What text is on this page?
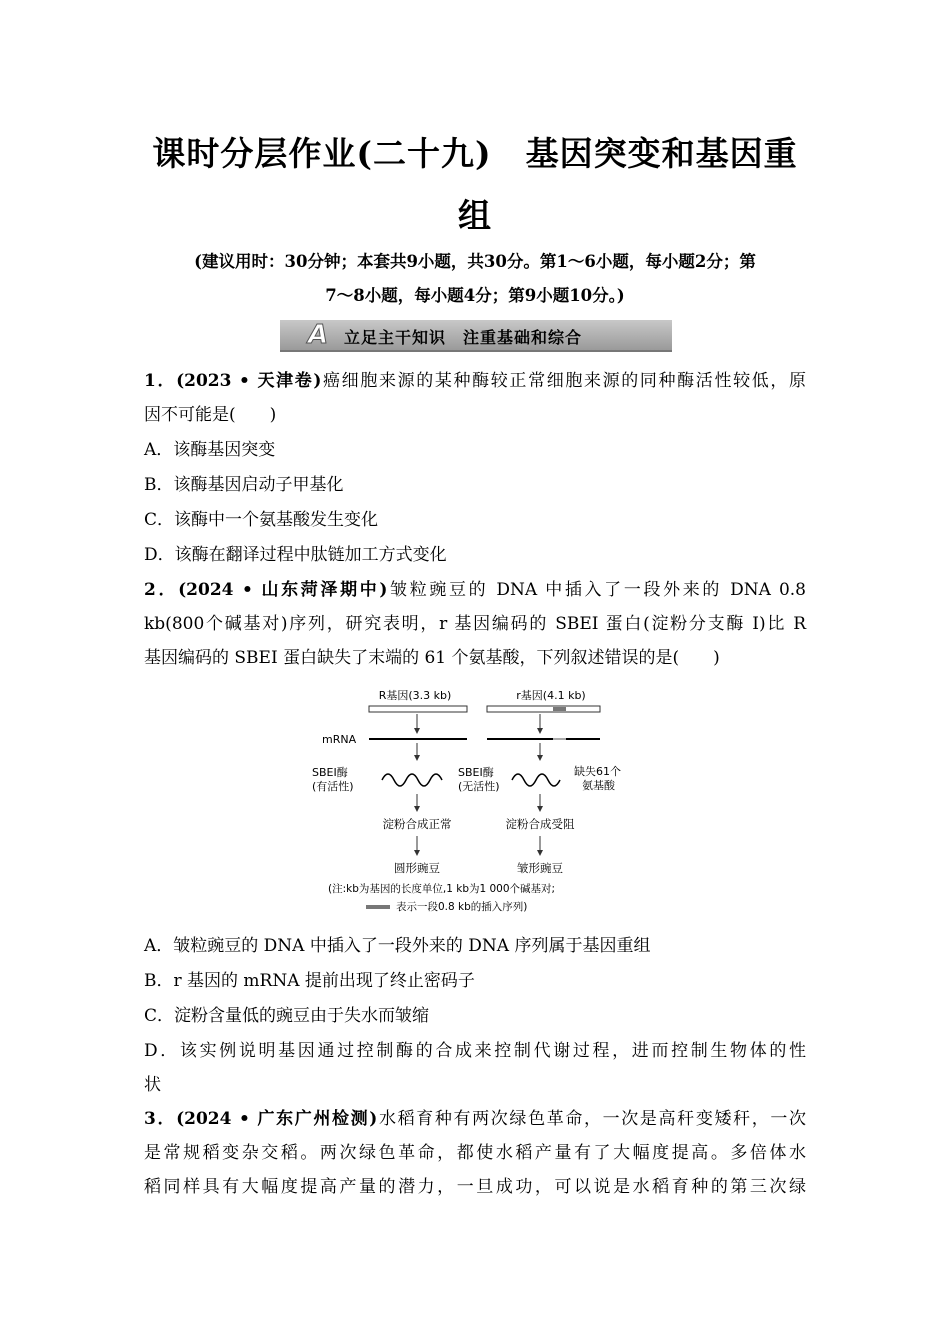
课时分层作业(二十九)　基因突变和基因重
组
(建议用时：30分钟；本套共9小题，共30分。第1～6小题，每小题2分；第
7～8小题，每小题4分；第9小题10分。)
A 立足主干知识　注重基础和综合
1．(2023 • 天津卷)癌细胞来源的某种酶较正常细胞来源的同种酶活性较低，原
因不可能是(　　)
A．该酶基因突变
B．该酶基因启动子甲基化
C．该酶中一个氨基酸发生变化
D．该酶在翻译过程中肽链加工方式变化
2．(2024 • 山东菏泽期中)皱粒豌豆的 DNA 中插入了一段外来的 DNA 0.8
kb(800个碱基对)序列，研究表明，r 基因编码的 SBEI 蛋白(淀粉分支酶 I)比 R
基因编码的 SBEI 蛋白缺失了末端的 61 个氨基酸，下列叙述错误的是(　　)
R基因(3.3 kb)	r基因(4.1 kb)
mRNA
SBEI酶
(有活性)
SBEI酶
(无活性)
缺失61个
氨基酸
淀粉合成正常	淀粉合成受阻
圆形豌豆	皱形豌豆
(注:kb为基因的长度单位,1 kb为1 000个碱基对;
表示一段0.8 kb的插入序列)
A．皱粒豌豆的 DNA 中插入了一段外来的 DNA 序列属于基因重组
B．r 基因的 mRNA 提前出现了终止密码子
C．淀粉含量低的豌豆由于失水而皱缩
D．该实例说明基因通过控制酶的合成来控制代谢过程，进而控制生物体的性
状
3．(2024 • 广东广州检测)水稻育种有两次绿色革命，一次是高秆变矮秆，一次
是常规稻变杂交稻。两次绿色革命，都使水稻产量有了大幅度提高。多倍体水
稻同样具有大幅度提高产量的潜力，一旦成功，可以说是水稻育种的第三次绿
